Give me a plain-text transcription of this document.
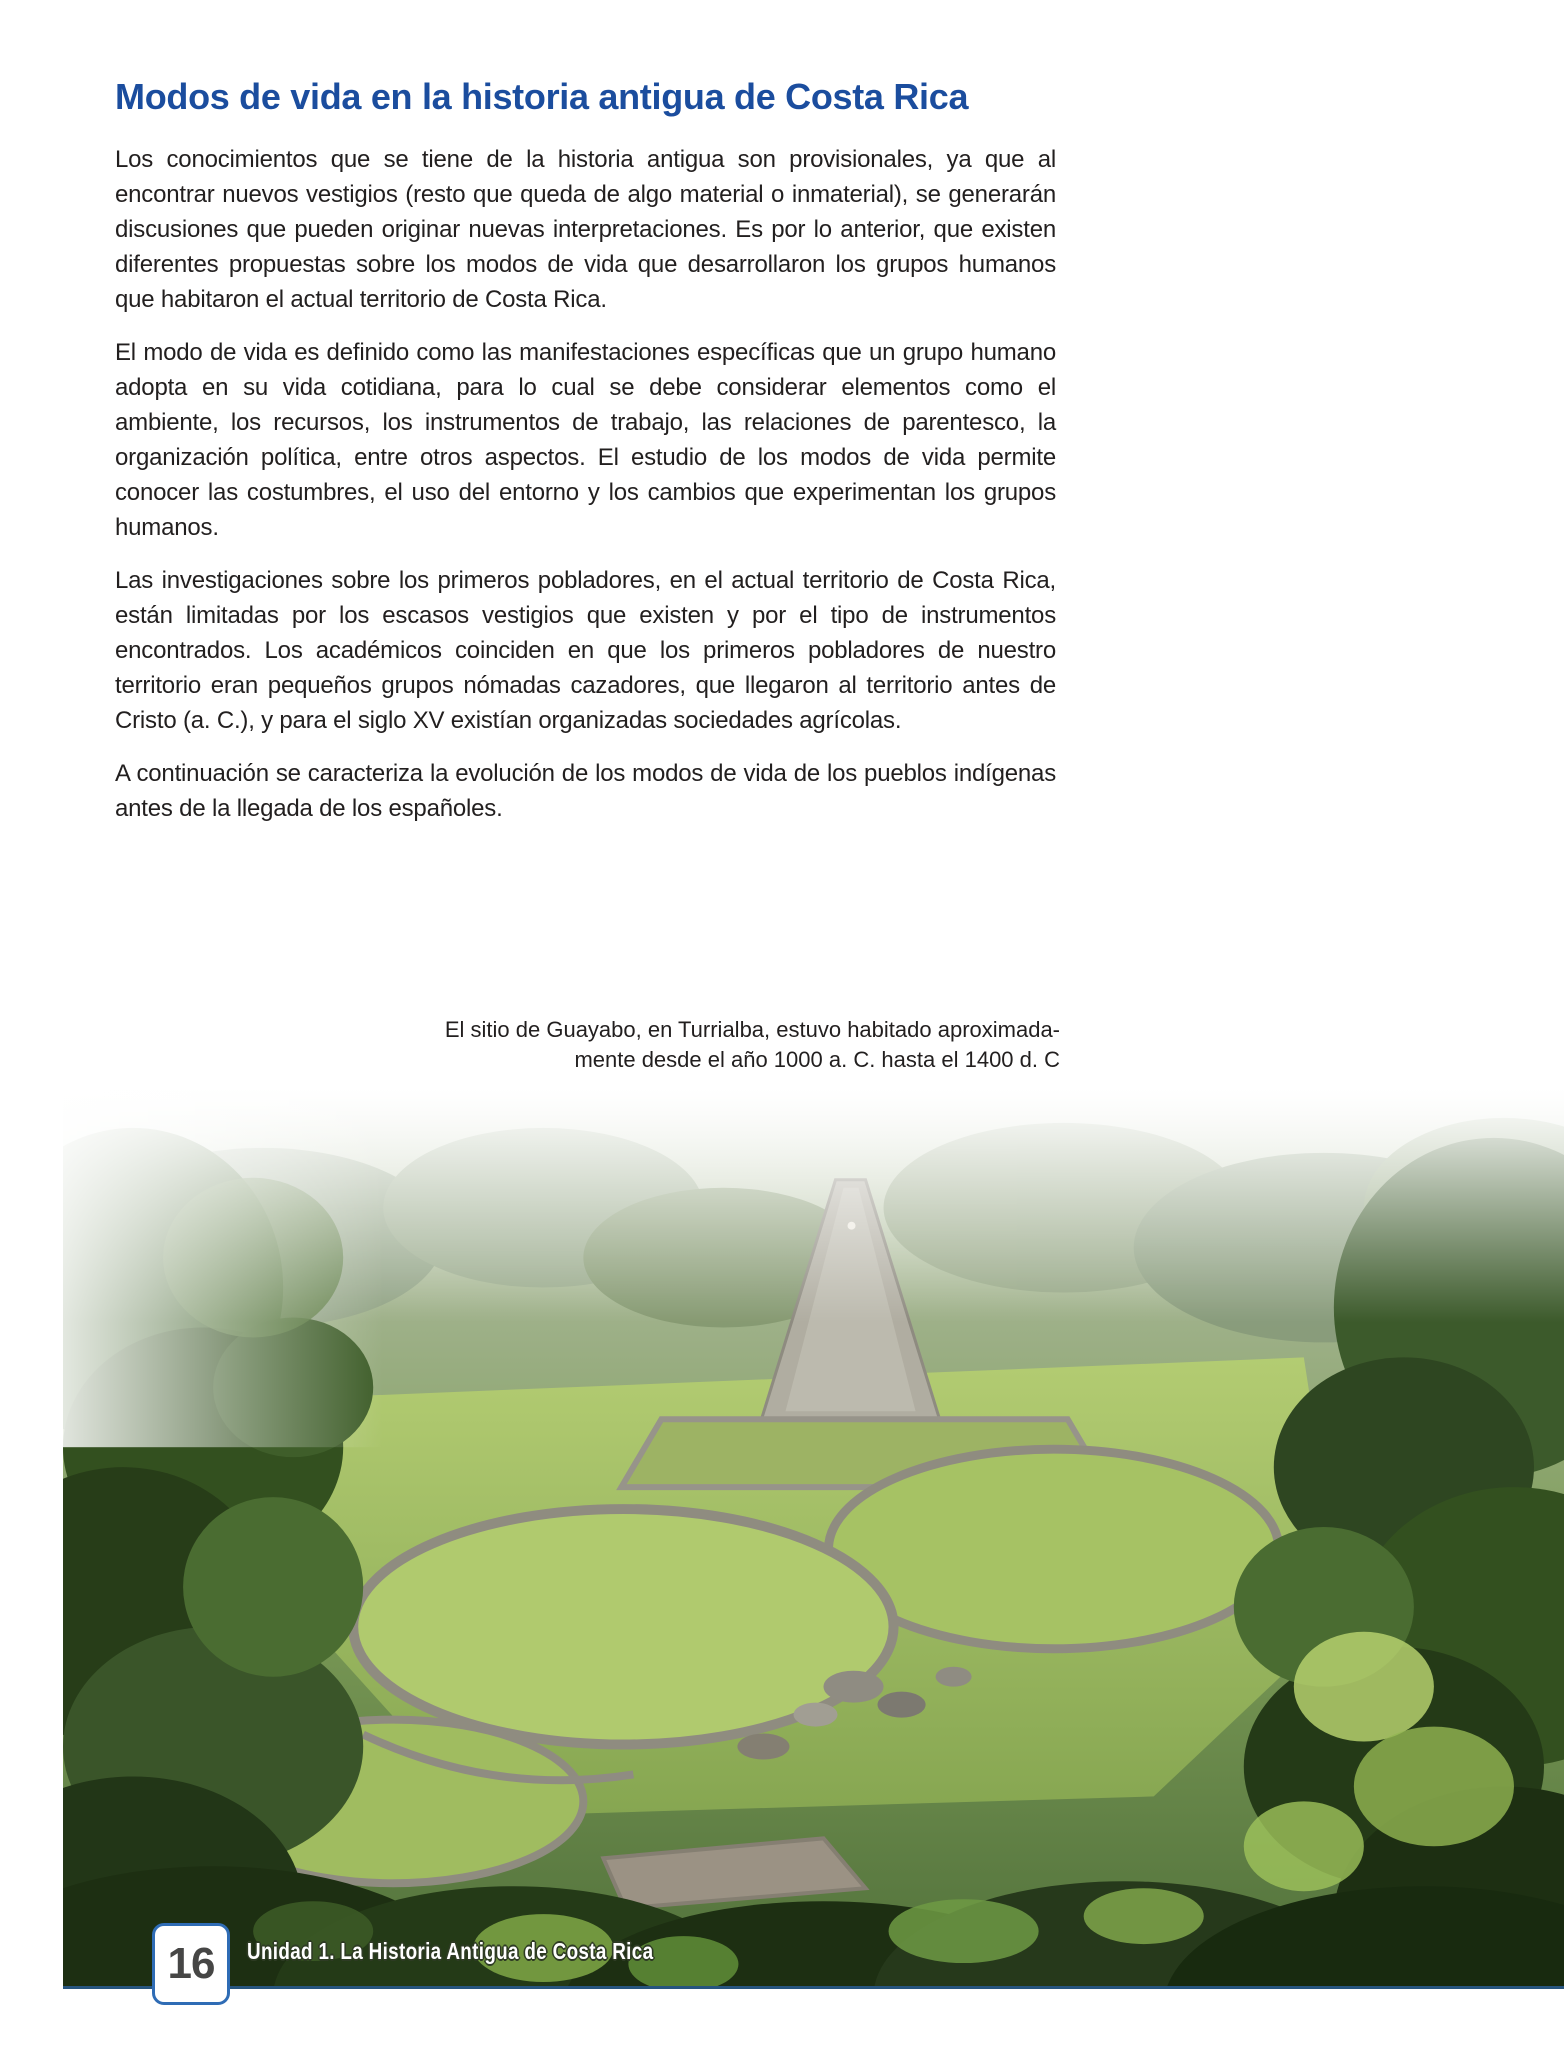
Modos de vida en la historia antigua de Costa Rica

Los conocimientos que se tiene de la historia antigua son provisionales, ya que al encontrar nuevos vestigios (resto que queda de algo material o inmaterial), se generarán discusiones que pueden originar nuevas interpretaciones. Es por lo anterior, que existen diferentes propuestas sobre los modos de vida que desarrollaron los grupos humanos que habitaron el actual territorio de Costa Rica.

El modo de vida es definido como las manifestaciones específicas que un grupo humano adopta en su vida cotidiana, para lo cual se debe considerar elementos como el ambiente, los recursos, los instrumentos de trabajo, las relaciones de parentesco, la organización política, entre otros aspectos. El estudio de los modos de vida permite conocer las costumbres, el uso del entorno y los cambios que experimentan los grupos humanos.

Las investigaciones sobre los primeros pobladores, en el actual territorio de Costa Rica, están limitadas por los escasos vestigios que existen y por el tipo de instrumentos encontrados. Los académicos coinciden en que los primeros pobladores de nuestro territorio eran pequeños grupos nómadas cazadores, que llegaron al territorio antes de Cristo (a. C.), y para el siglo XV existían organizadas sociedades agrícolas.

A continuación se caracteriza la evolución de los modos de vida de los pueblos indígenas antes de la llegada de los españoles.

El sitio de Guayabo, en Turrialba, estuvo habitado aproximada-
mente desde el año 1000 a. C. hasta el 1400 d. C
16 Unidad 1. La Historia Antigua de Costa Rica
